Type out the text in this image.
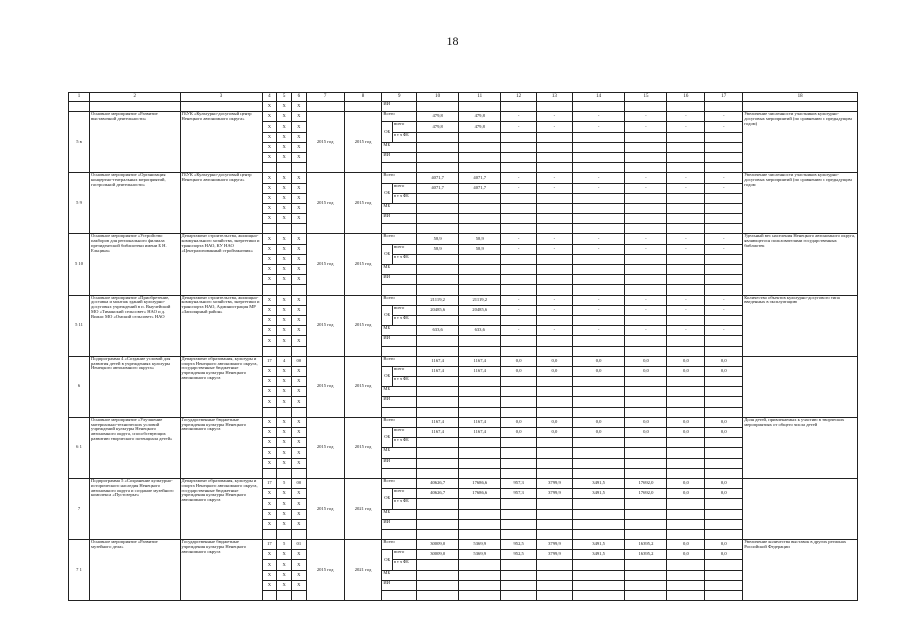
18
1	2	3	4	5	6	7	8	9		10	11	12	13	14	15	16	17	18
			X	X	X			ИИ										
5 в	Основное мероприятие «Развитие выставочной деятельности»	ГБУК «Культурно-досуговый центр Ненецкого автономного округа»	X	X	X	2015 год	2015 год	Всего		479,8	479,8	-	-	-	-	-	-	Увеличение численности участников культурно-досуговых мероприятий (по сравнению с предыдущим годом)
			X	X	X			ОБ	всего	479,8	479,8	-	-	-	-	-	-	
			X	X	X				в т ч ФБ									
			X	X	X			МБ										
			X	X	X			ИИ										

5 9	Основное мероприятие «Организация концертно-театральных мероприятий, гастрольной деятельности»	ГБУК «Культурно-досуговый центр Ненецкого автономного округа»	X	X	X	2015 год	2015 год	Всего		4071,7	4071,7	-	-	-	-	-	-	Увеличение численности участников культурно-досуговых мероприятий (по сравнению с предыдущим годом
			X	X	X			ОБ	всего	4071,7	4071,7	-	-	-	-	-	-	
			X	X	X				в т ч ФБ									
			X	X	X			МБ										
			X	X	X			ИИ										

5 10	Основное мероприятие «Устройство пакборов для регионального филиала президентской библиотеки имени Б Н. Ельцина»	Департамент строительства, жилищно-коммунального хозяйства, энергетики и транспорта НАО, КУ НАО «Централизованный стройзаказчик»	X	X	X	2015 год	2015 год	Всего		58,9	58,9	-	-	-	-	-	-	Удельный вес населения Ненецкого автономного округа, являющегося пользователями государственных библиотек
			X	X	X			ОБ	всего	58,9	58,9	-	-	-	-	-	-	
			X	X	X				в т ч ФБ									
			X	X	X			МБ										
			X	X	X			ИИ										

5 11	Основное мероприятие «Приобретение, доставка и монтаж зданий культурно-досуговых учреждений в п. Выучейский МО «Тиманский сельсовет» НАО и д. Вижас МО «Омский сельсовет» НАО	Департамент строительства, жилищно-коммунального хозяйства, энергетики и транспорта НАО, Администрация МР «Заполярный район»	X	X	X	2015 год	2015 год	Всего		21119,2	21119,2	-	-	-	-	-	-	Количество объектов культурно-досугового типа введенных в эксплуатацию
			X	X	X			ОБ	всего	20485,6	20485,6	-	-	-	-	-	-	
			X	X	X				в т ч ФБ									
			X	X	X			МБ		633,6	633,6	-	-	-	-	-	-	
			X	X	X			ИИ										

6	Подпрограмма 4 «Создание условий для развития детей в учреждениях культуры Ненецкого автономного округа»	Департамент образования, культуры и спорта Ненецкого автономного округа, государственные бюджетные учреждения культуры Ненецкого автономного округа	17	4	00	2015 год	2015 год	Всего		1167,4	1167,4	0,0	0,0	0,0	0,0	0,0	0,0	
			X	X	X			ОБ	всего	1167,4	1167,4	0,0	0,0	0,0	0,0	0,0	0,0	
			X	X	X				в т ч ФБ									
			X	X	X			МБ										
			X	X	X			ИИ										

6 1	Основное мероприятие «Улучшение материально-технических условий учреждений культуры Ненецкого автономного округа, способствующих развитию творческого потенциала детей»	Государственные бюджетные учреждения культуры Ненецкого автономного округа	X	X	X	2015 год	2015 год	Всего		1167,4	1167,4	0,0	0,0	0,0	0,0	0,0	0,0	Доля детей, привлекаемых к участию в творческих мероприятиях от общего числа детей
			X	X	X			ОБ	всего	1167,4	1167,4	0,0	0,0	0,0	0,0	0,0	0,0	
			X	X	X				в т ч ФБ									
			X	X	X			МБ										
			X	X	X			ИИ										

7	Подпрограмма 5 «Сохранение культурно-исторического наследия Ненецкого автономного округа и создание музейного комплекса «Пустозерье»	Департамент образования, культуры и спорта Ненецкого автономного округа, государственные бюджетные учреждения культуры Ненецкого автономного округа	17	5	00	2015 год	2021 год	Всего		40626,7	17686,6	957,3	3799,9	3491,5	17692,0	0,0	0,0	
			X	X	X			ОБ	всего	40626,7	17686,6	957,3	3799,9	3491,5	17692,0	0,0	0,0	
			X	X	X				в т ч ФБ									
			X	X	X			МБ										
			X	X	X			ИИ										

7 1	Основное мероприятие «Развитие музейного дела»	Государственные бюджетные учреждения культуры Ненецкого автономного округа	17	5	01	2015 год	2021 год	Всего		30009,0	5369,9	952,5	3799,9	3491,5	16395,2	0,0	0,0	Увеличение количества выставок в других регионах Российской Федерации
			X	X	X			ОБ	всего	30009,0	5369,9	952,5	3799,9	3491,5	16395,2	0,0	0,0	
			X	X	X				в т ч ФБ									
			X	X	X			МБ										
			X	X	X			ИИ										
